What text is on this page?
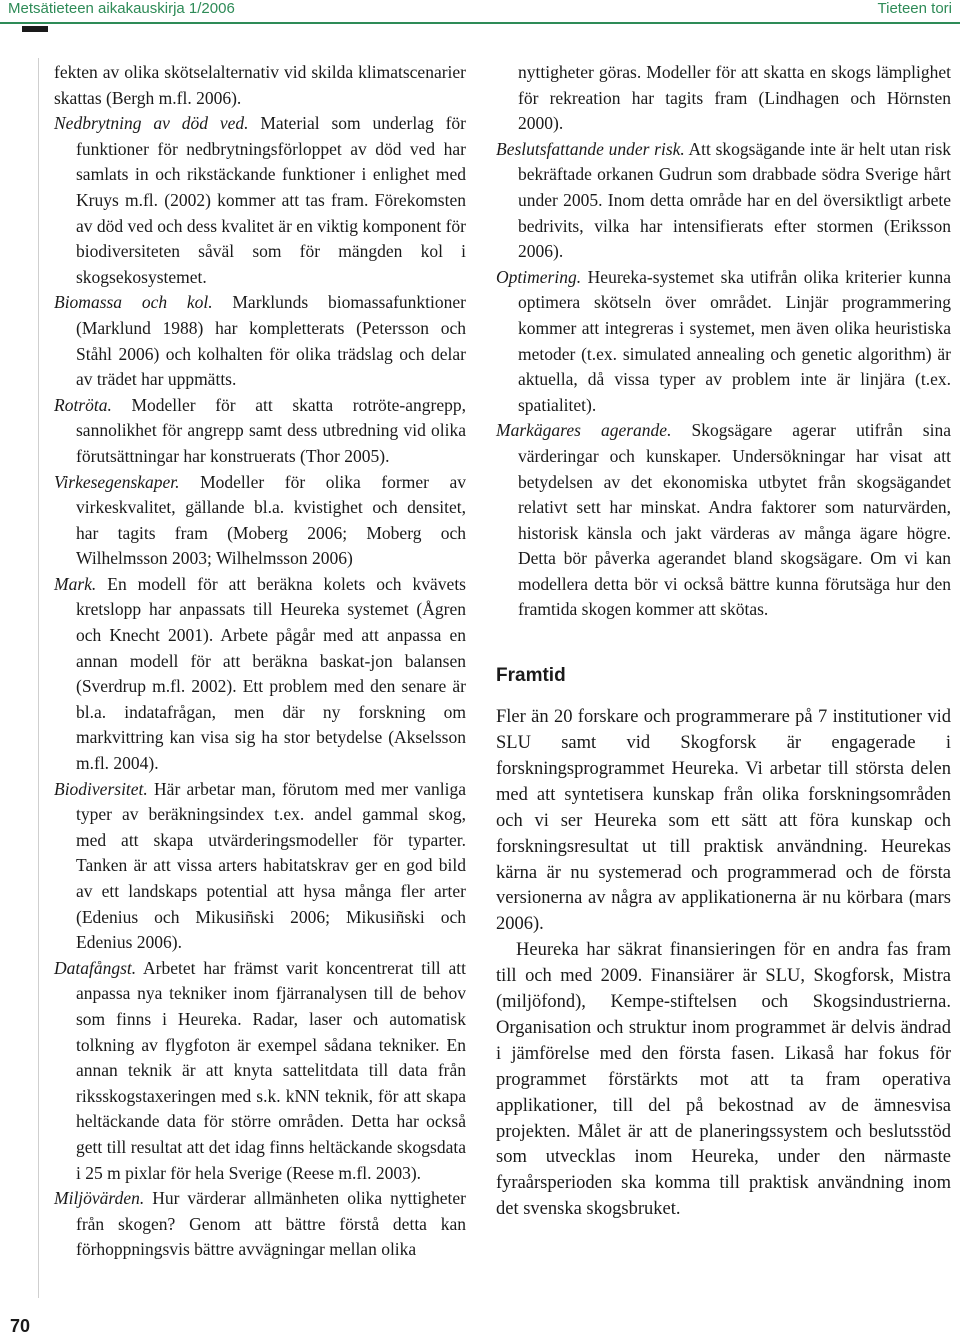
Metsätieteen aikakauskirja 1/2006	Tieteen tori

fekten av olika skötselalternativ vid skilda klimatscenarier skattas (Bergh m.fl. 2006).

Nedbrytning av död ved. Material som underlag för funktioner för nedbrytningsförloppet av död ved har samlats in och rikstäckande funktioner i enlighet med Kruys m.fl. (2002) kommer att tas fram. Förekomsten av död ved och dess kvalitet är en viktig komponent för biodiversiteten såväl som för mängden kol i skogsekosystemet.

Biomassa och kol. Marklunds biomassafunktioner (Marklund 1988) har kompletterats (Petersson och Ståhl 2006) och kolhalten för olika trädslag och delar av trädet har uppmätts.

Rotröta. Modeller för att skatta rotröte-angrepp, sannolikhet för angrepp samt dess utbredning vid olika förutsättningar har konstruerats (Thor 2005).

Virkesegenskaper. Modeller för olika former av virkeskvalitet, gällande bl.a. kvistighet och densitet, har tagits fram (Moberg 2006; Moberg och Wilhelmsson 2003; Wilhelmsson 2006)

Mark. En modell för att beräkna kolets och kvävets kretslopp har anpassats till Heureka systemet (Ågren och Knecht 2001). Arbete pågår med att anpassa en annan modell för att beräkna baskat-jon balansen (Sverdrup m.fl. 2002). Ett problem med den senare är bl.a. indatafrågan, men där ny forskning om markvittring kan visa sig ha stor betydelse (Akselsson m.fl. 2004).

Biodiversitet. Här arbetar man, förutom med mer vanliga typer av beräkningsindex t.ex. andel gammal skog, med att skapa utvärderingsmodeller för typarter. Tanken är att vissa arters habitatskrav ger en god bild av ett landskaps potential att hysa många fler arter (Edenius och Mikusiñski 2006; Mikusiñski och Edenius 2006).

Datafångst. Arbetet har främst varit koncentrerat till att anpassa nya tekniker inom fjärranalysen till de behov som finns i Heureka. Radar, laser och automatisk tolkning av flygfoton är exempel sådana tekniker. En annan teknik är att knyta sattelitdata till data från riksskogstaxeringen med s.k. kNN teknik, för att skapa heltäckande data för större områden. Detta har också gett till resultat att det idag finns heltäckande skogsdata i 25 m pixlar för hela Sverige (Reese m.fl. 2003).

Miljövärden. Hur värderar allmänheten olika nyttigheter från skogen? Genom att bättre förstå detta kan förhoppningsvis bättre avvägningar mellan olika

nyttigheter göras. Modeller för att skatta en skogs lämplighet för rekreation har tagits fram (Lindhagen och Hörnsten 2000).

Beslutsfattande under risk. Att skogsägande inte är helt utan risk bekräftade orkanen Gudrun som drabbade södra Sverige hårt under 2005. Inom detta område har en del översiktligt arbete bedrivits, vilka har intensifierats efter stormen (Eriksson 2006).

Optimering. Heureka-systemet ska utifrån olika kriterier kunna optimera skötseln över området. Linjär programmering kommer att integreras i systemet, men även olika heuristiska metoder (t.ex. simulated annealing och genetic algorithm) är aktuella, då vissa typer av problem inte är linjära (t.ex. spatialitet).

Markägares agerande. Skogsägare agerar utifrån sina värderingar och kunskaper. Undersökningar har visat att betydelsen av det ekonomiska utbytet från skogsägandet relativt sett har minskat. Andra faktorer som naturvärden, historisk känsla och jakt värderas av många ägare högre. Detta bör påverka agerandet bland skogsägare. Om vi kan modellera detta bör vi också bättre kunna förutsäga hur den framtida skogen kommer att skötas.

Framtid

Fler än 20 forskare och programmerare på 7 institutioner vid SLU samt vid Skogforsk är engagerade i forskningsprogrammet Heureka. Vi arbetar till största delen med att syntetisera kunskap från olika forskningsområden och vi ser Heureka som ett sätt att föra kunskap och forskningsresultat ut till praktisk användning. Heurekas kärna är nu systemerad och programmerad och de första versionerna av några av applikationerna är nu körbara (mars 2006).

Heureka har säkrat finansieringen för en andra fas fram till och med 2009. Finansiärer är SLU, Skogforsk, Mistra (miljöfond), Kempe-stiftelsen och Skogsindustrierna. Organisation och struktur inom programmet är delvis ändrad i jämförelse med den första fasen. Likaså har fokus för programmet förstärkts mot att ta fram operativa applikationer, till del på bekostnad av de ämnesvisa projekten. Målet är att de planeringssystem och beslutsstöd som utvecklas inom Heureka, under den närmaste fyraårsperioden ska komma till praktisk användning inom det svenska skogsbruket.

70
